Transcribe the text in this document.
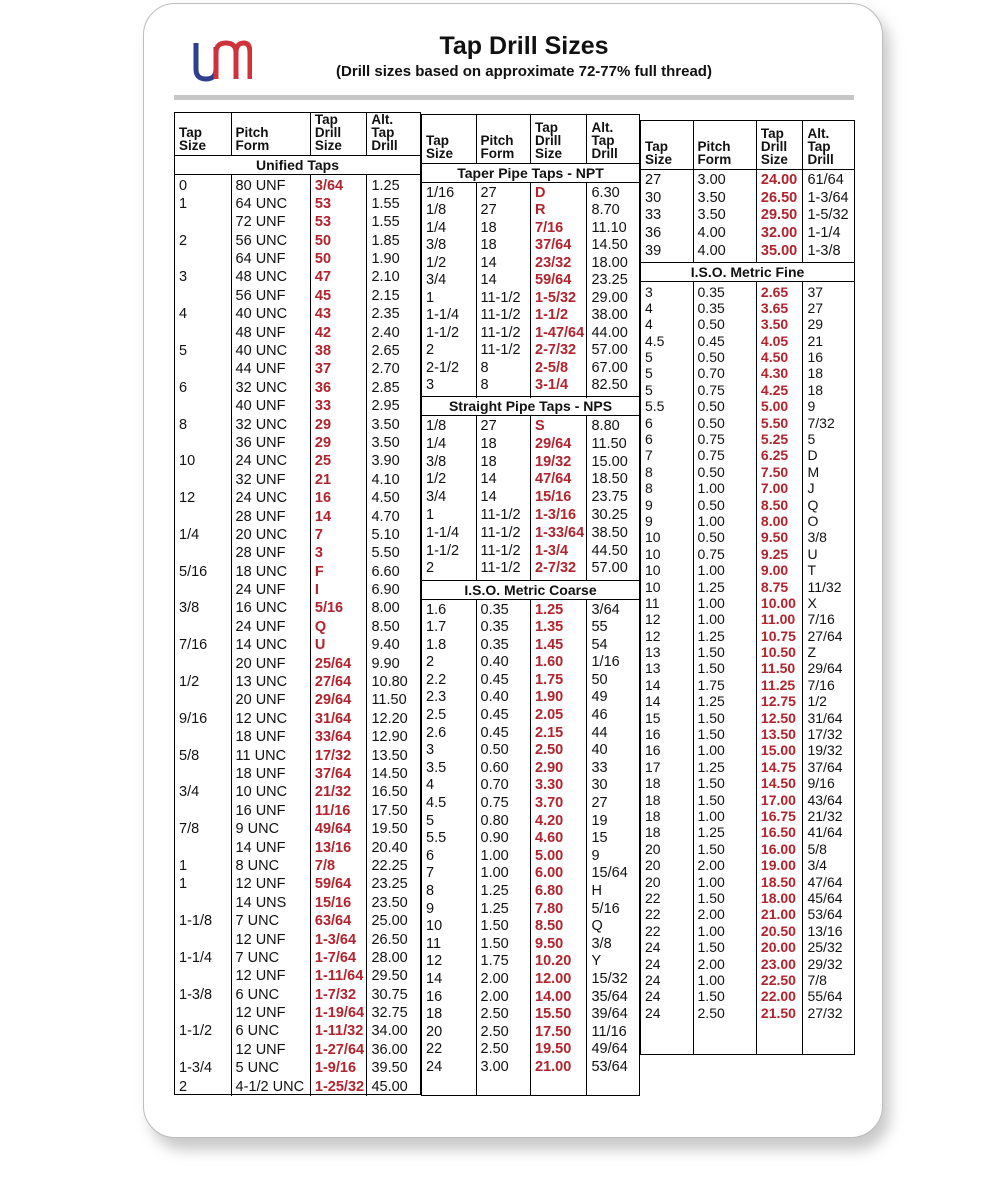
Tap Drill Sizes
(Drill sizes based on approximate 72-77% full thread)
Tap
Size
Pitch
Form
Tap
Drill
Size
Alt.
Tap
Drill
Unified Taps
0
1
2
3
4
5
6
8
10
12
1/4
5/16
3/8
7/16
1/2
9/16
5/8
3/4
7/8
1
1
1-1/8
1-1/4
1-3/8
1-1/2
1-3/4
2
80 UNF
64 UNC
72 UNF
56 UNC
64 UNF
48 UNC
56 UNF
40 UNC
48 UNF
40 UNC
44 UNF
32 UNC
40 UNF
32 UNC
36 UNF
24 UNC
32 UNF
24 UNC
28 UNF
20 UNC
28 UNF
18 UNC
24 UNF
16 UNC
24 UNF
14 UNC
20 UNF
13 UNC
20 UNF
12 UNC
18 UNF
11 UNC
18 UNF
10 UNC
16 UNF
9 UNC
14 UNF
8 UNC
12 UNF
14 UNS
7 UNC
12 UNF
7 UNC
12 UNF
6 UNC
12 UNF
6 UNC
12 UNF
5 UNC
4-1/2 UNC
3/64
53
53
50
50
47
45
43
42
38
37
36
33
29
29
25
21
16
14
7
3
F
I
5/16
Q
U
25/64
27/64
29/64
31/64
33/64
17/32
37/64
21/32
11/16
49/64
13/16
7/8
59/64
15/16
63/64
1-3/64
1-7/64
1-11/64
1-7/32
1-19/64
1-11/32
1-27/64
1-9/16
1-25/32
1.25
1.55
1.55
1.85
1.90
2.10
2.15
2.35
2.40
2.65
2.70
2.85
2.95
3.50
3.50
3.90
4.10
4.50
4.70
5.10
5.50
6.60
6.90
8.00
8.50
9.40
9.90
10.80
11.50
12.20
12.90
13.50
14.50
16.50
17.50
19.50
20.40
22.25
23.25
23.50
25.00
26.50
28.00
29.50
30.75
32.75
34.00
36.00
39.50
45.00
Tap
Size
Pitch
Form
Tap
Drill
Size
Alt.
Tap
Drill
Taper Pipe Taps - NPT
1/16
1/8
1/4
3/8
1/2
3/4
1
1-1/4
1-1/2
2
2-1/2
3
27
27
18
18
14
14
11-1/2
11-1/2
11-1/2
11-1/2
8
8
D
R
7/16
37/64
23/32
59/64
1-5/32
1-1/2
1-47/64
2-7/32
2-5/8
3-1/4
6.30
8.70
11.10
14.50
18.00
23.25
29.00
38.00
44.00
57.00
67.00
82.50
Straight Pipe Taps - NPS
1/8
1/4
3/8
1/2
3/4
1
1-1/4
1-1/2
2
27
18
18
14
14
11-1/2
11-1/2
11-1/2
11-1/2
S
29/64
19/32
47/64
15/16
1-3/16
1-33/64
1-3/4
2-7/32
8.80
11.50
15.00
18.50
23.75
30.25
38.50
44.50
57.00
I.S.O. Metric Coarse
1.6
1.7
1.8
2
2.2
2.3
2.5
2.6
3
3.5
4
4.5
5
5.5
6
7
8
9
10
11
12
14
16
18
20
22
24
0.35
0.35
0.35
0.40
0.45
0.40
0.45
0.45
0.50
0.60
0.70
0.75
0.80
0.90
1.00
1.00
1.25
1.25
1.50
1.50
1.75
2.00
2.00
2.50
2.50
2.50
3.00
1.25
1.35
1.45
1.60
1.75
1.90
2.05
2.15
2.50
2.90
3.30
3.70
4.20
4.60
5.00
6.00
6.80
7.80
8.50
9.50
10.20
12.00
14.00
15.50
17.50
19.50
21.00
3/64
55
54
1/16
50
49
46
44
40
33
30
27
19
15
9
15/64
H
5/16
Q
3/8
Y
15/32
35/64
39/64
11/16
49/64
53/64
Tap
Size
Pitch
Form
Tap
Drill
Size
Alt.
Tap
Drill
27
30
33
36
39
3.00
3.50
3.50
4.00
4.00
24.00
26.50
29.50
32.00
35.00
61/64
1-3/64
1-5/32
1-1/4
1-3/8
I.S.O. Metric Fine
3
4
4
4.5
5
5
5
5.5
6
6
7
8
8
9
9
10
10
10
10
11
12
12
13
13
14
14
15
16
16
17
18
18
18
18
20
20
20
22
22
22
24
24
24
24
24
0.35
0.35
0.50
0.45
0.50
0.70
0.75
0.50
0.50
0.75
0.75
0.50
1.00
0.50
1.00
0.50
0.75
1.00
1.25
1.00
1.00
1.25
1.50
1.50
1.75
1.25
1.50
1.50
1.00
1.25
1.50
1.50
1.00
1.25
1.50
2.00
1.00
1.50
2.00
1.00
1.50
2.00
1.00
1.50
2.50
2.65
3.65
3.50
4.05
4.50
4.30
4.25
5.00
5.50
5.25
6.25
7.50
7.00
8.50
8.00
9.50
9.25
9.00
8.75
10.00
11.00
10.75
10.50
11.50
11.25
12.75
12.50
13.50
15.00
14.75
14.50
17.00
16.75
16.50
16.00
19.00
18.50
18.00
21.00
20.50
20.00
23.00
22.50
22.00
21.50
37
27
29
21
16
18
18
9
7/32
5
D
M
J
Q
O
3/8
U
T
11/32
X
7/16
27/64
Z
29/64
7/16
1/2
31/64
17/32
19/32
37/64
9/16
43/64
21/32
41/64
5/8
3/4
47/64
45/64
53/64
13/16
25/32
29/32
7/8
55/64
27/32
